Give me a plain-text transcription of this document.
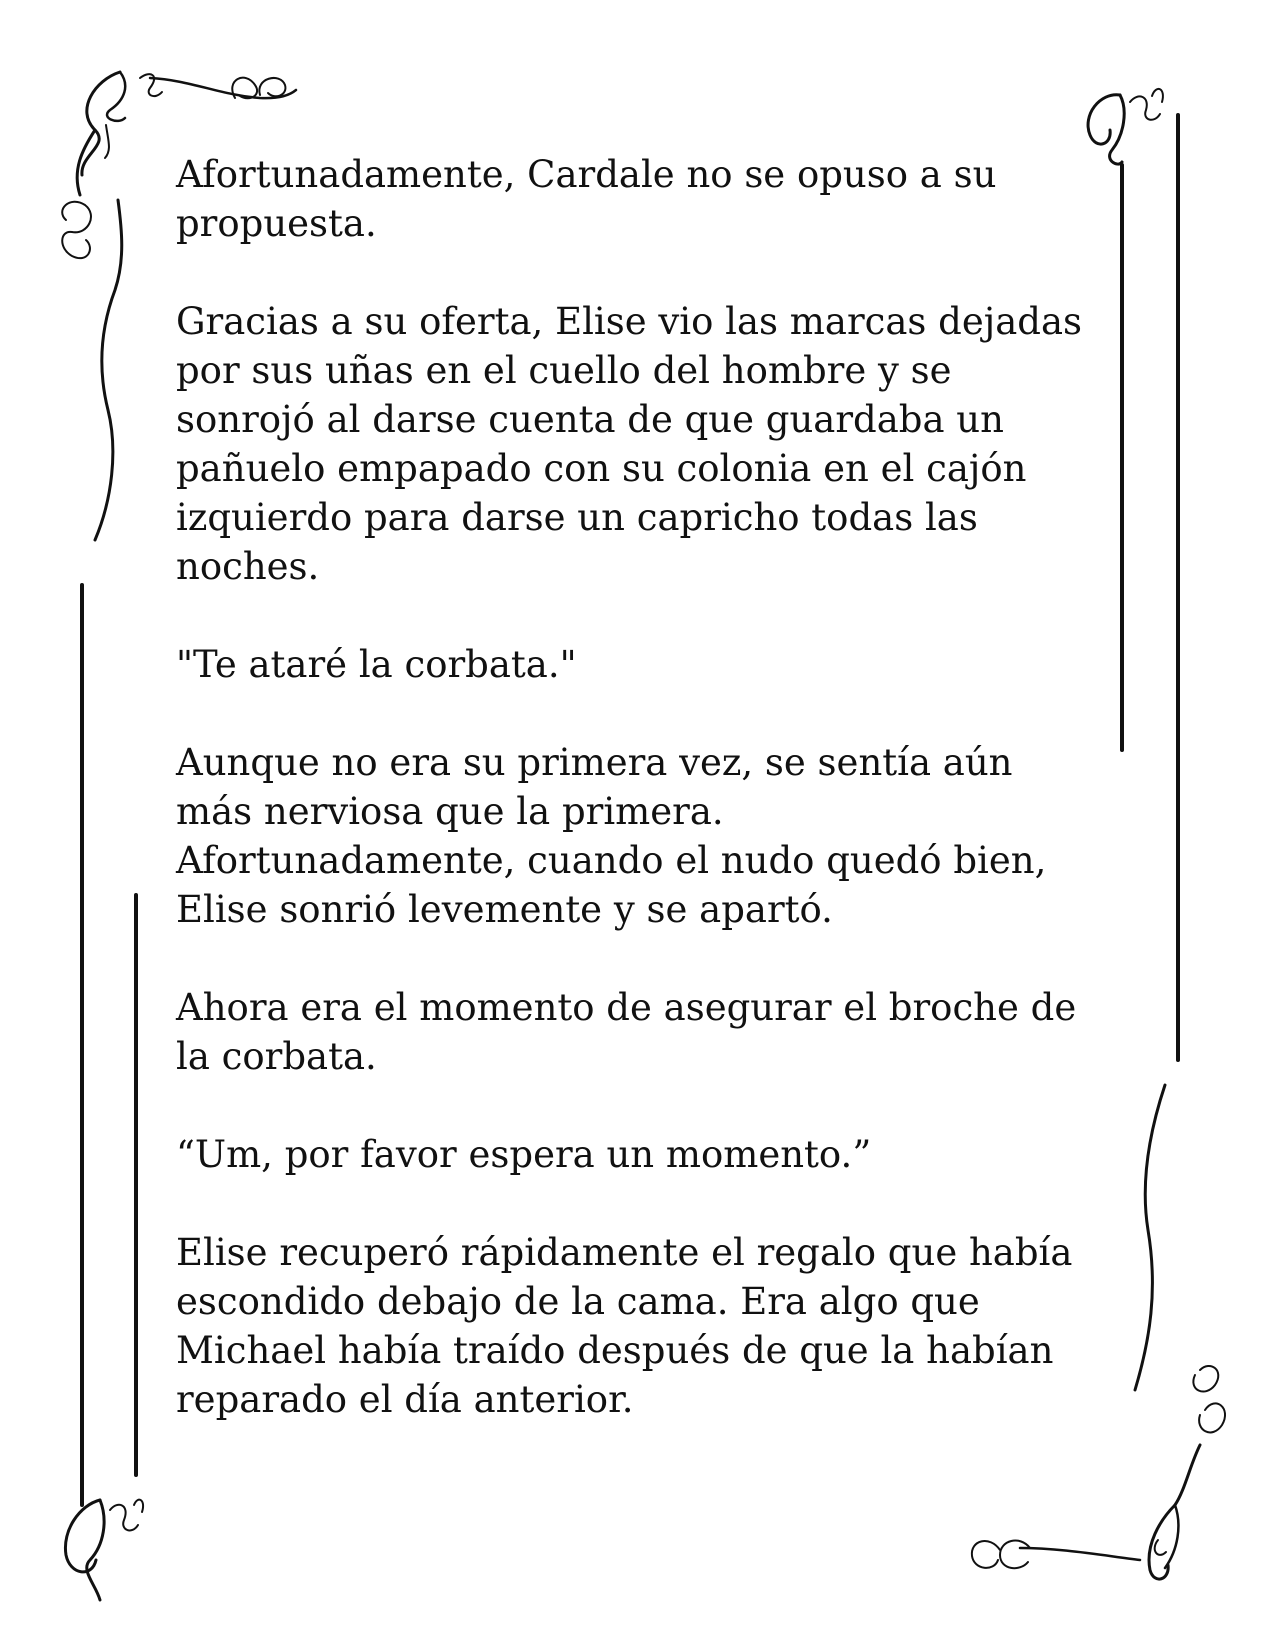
Afortunadamente, Cardale no se opuso a su propuesta.

Gracias a su oferta, Elise vio las marcas dejadas por sus uñas en el cuello del hombre y se sonrojó al darse cuenta de que guardaba un pañuelo empapado con su colonia en el cajón izquierdo para darse un capricho todas las noches.

"Te ataré la corbata."

Aunque no era su primera vez, se sentía aún más nerviosa que la primera.
Afortunadamente, cuando el nudo quedó bien, Elise sonrió levemente y se apartó.

Ahora era el momento de asegurar el broche de la corbata.

“Um, por favor espera un momento.”

Elise recuperó rápidamente el regalo que había escondido debajo de la cama. Era algo que Michael había traído después de que la habían reparado el día anterior.
